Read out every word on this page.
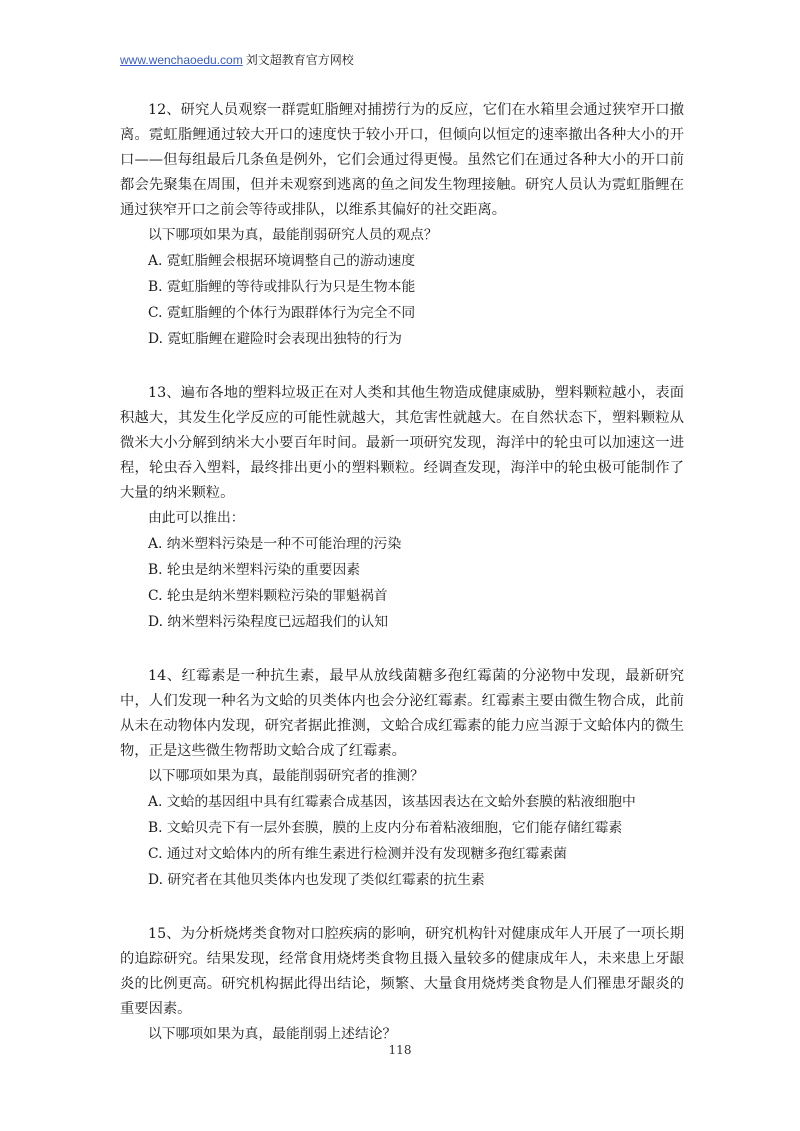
www.wenchaoedu.com 刘文超教育官方网校

12、研究人员观察一群霓虹脂鲤对捕捞行为的反应，它们在水箱里会通过狭窄开口撤离。霓虹脂鲤通过较大开口的速度快于较小开口，但倾向以恒定的速率撤出各种大小的开口——但每组最后几条鱼是例外，它们会通过得更慢。虽然它们在通过各种大小的开口前都会先聚集在周围，但并未观察到逃离的鱼之间发生物理接触。研究人员认为霓虹脂鲤在通过狭窄开口之前会等待或排队，以维系其偏好的社交距离。

以下哪项如果为真，最能削弱研究人员的观点？

A. 霓虹脂鲤会根据环境调整自己的游动速度

B. 霓虹脂鲤的等待或排队行为只是生物本能

C. 霓虹脂鲤的个体行为跟群体行为完全不同

D. 霓虹脂鲤在避险时会表现出独特的行为

13、遍布各地的塑料垃圾正在对人类和其他生物造成健康威胁，塑料颗粒越小，表面积越大，其发生化学反应的可能性就越大，其危害性就越大。在自然状态下，塑料颗粒从微米大小分解到纳米大小要百年时间。最新一项研究发现，海洋中的轮虫可以加速这一进程，轮虫吞入塑料，最终排出更小的塑料颗粒。经调查发现，海洋中的轮虫极可能制作了大量的纳米颗粒。

由此可以推出：

A. 纳米塑料污染是一种不可能治理的污染

B. 轮虫是纳米塑料污染的重要因素

C. 轮虫是纳米塑料颗粒污染的罪魁祸首

D. 纳米塑料污染程度已远超我们的认知

14、红霉素是一种抗生素，最早从放线菌糖多孢红霉菌的分泌物中发现，最新研究中，人们发现一种名为文蛤的贝类体内也会分泌红霉素。红霉素主要由微生物合成，此前从未在动物体内发现，研究者据此推测，文蛤合成红霉素的能力应当源于文蛤体内的微生物，正是这些微生物帮助文蛤合成了红霉素。

以下哪项如果为真，最能削弱研究者的推测？

A. 文蛤的基因组中具有红霉素合成基因，该基因表达在文蛤外套膜的粘液细胞中

B. 文蛤贝壳下有一层外套膜，膜的上皮内分布着粘液细胞，它们能存储红霉素

C. 通过对文蛤体内的所有维生素进行检测并没有发现糖多孢红霉素菌

D. 研究者在其他贝类体内也发现了类似红霉素的抗生素

15、为分析烧烤类食物对口腔疾病的影响，研究机构针对健康成年人开展了一项长期的追踪研究。结果发现，经常食用烧烤类食物且摄入量较多的健康成年人，未来患上牙龈炎的比例更高。研究机构据此得出结论，频繁、大量食用烧烤类食物是人们罹患牙龈炎的重要因素。

以下哪项如果为真，最能削弱上述结论？

118
